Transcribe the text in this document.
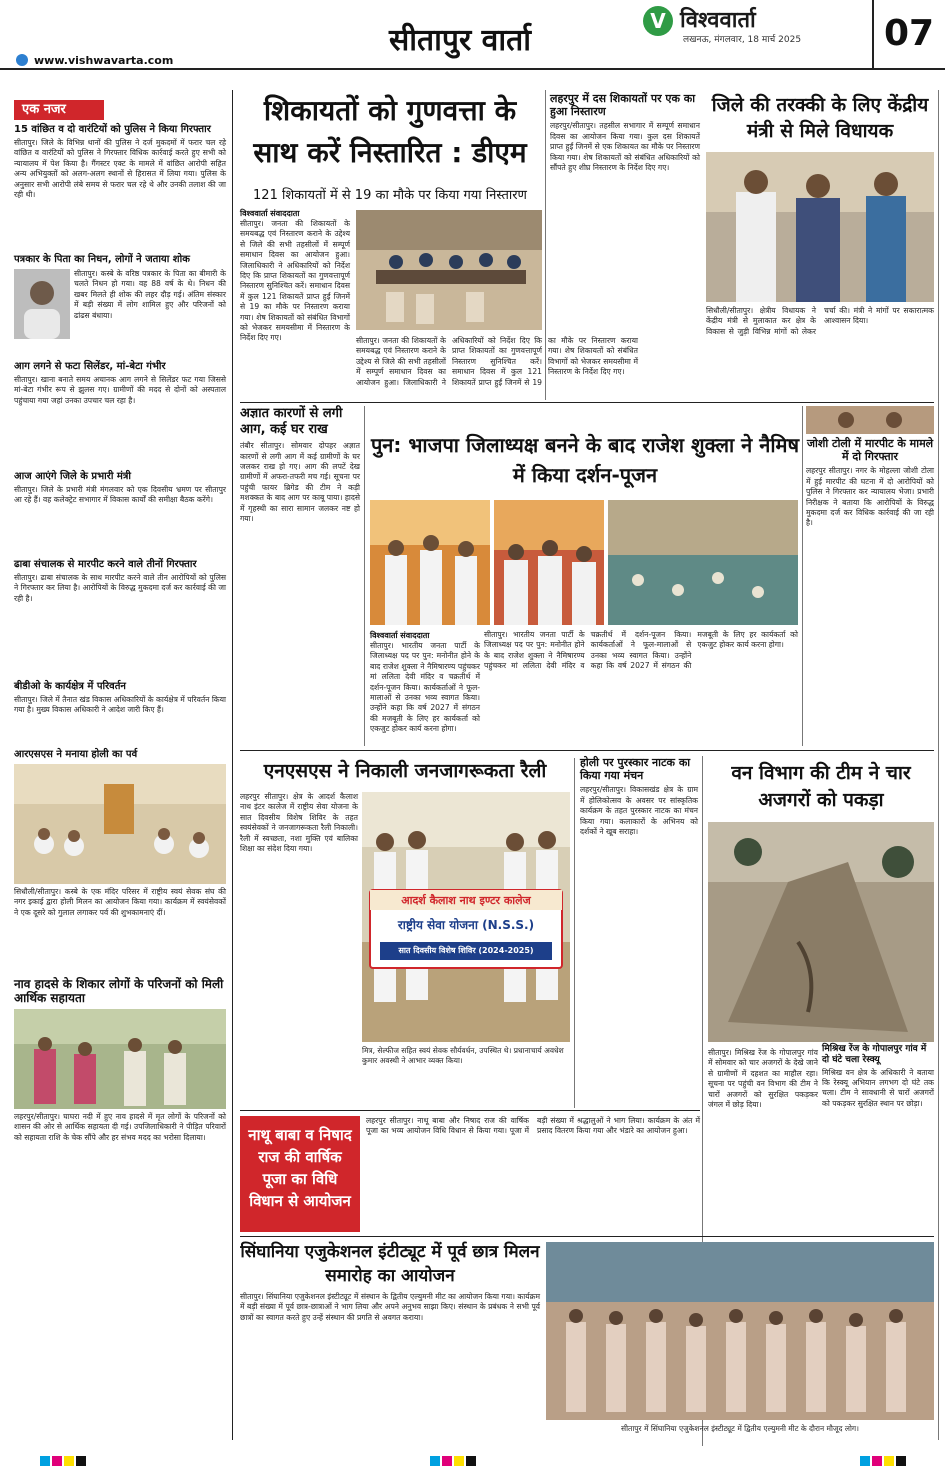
सीतापुर वार्ता
V विश्ववार्ता
लखनऊ, मंगलवार, 18 मार्च 2025	07
www.vishwavarta.com
एक नजर
15 वांछित व दो वारंटियों को पुलिस ने किया गिरफ्तार
सीतापुर। जिले के विभिन्न थानों की पुलिस ने दर्ज मुकदमों में फरार चल रहे वांछित व वारंटियों को पुलिस ने गिरफ्तार विधिक कार्रवाई करते हुए सभी को न्यायालय में पेश किया है। गैंगस्टर एक्ट के मामले में वांछित आरोपी सहित अन्य अभियुक्तों को अलग-अलग स्थानों से हिरासत में लिया गया। पुलिस के अनुसार सभी आरोपी लंबे समय से फरार चल रहे थे और उनकी तलाश की जा रही थी।
पत्रकार के पिता का निधन, लोगों ने जताया शोक
सीतापुर। कस्बे के वरिष्ठ पत्रकार के पिता का बीमारी के चलते निधन हो गया। वह 88 वर्ष के थे। निधन की खबर मिलते ही शोक की लहर दौड़ गई। अंतिम संस्कार में बड़ी संख्या में लोग शामिल हुए और परिजनों को ढांढस बंधाया।
आग लगने से फटा सिलेंडर, मां-बेटा गंभीर
सीतापुर। खाना बनाते समय अचानक आग लगने से सिलेंडर फट गया जिससे मां-बेटा गंभीर रूप से झुलस गए। ग्रामीणों की मदद से दोनों को अस्पताल पहुंचाया गया जहां उनका उपचार चल रहा है।
आज आएंगे जिले के प्रभारी मंत्री
सीतापुर। जिले के प्रभारी मंत्री मंगलवार को एक दिवसीय भ्रमण पर सीतापुर आ रहे हैं। वह कलेक्ट्रेट सभागार में विकास कार्यों की समीक्षा बैठक करेंगे।
ढाबा संचालक से मारपीट करने वाले तीनों गिरफ्तार
सीतापुर। ढाबा संचालक के साथ मारपीट करने वाले तीन आरोपियों को पुलिस ने गिरफ्तार कर लिया है। आरोपियों के विरुद्ध मुकदमा दर्ज कर कार्रवाई की जा रही है।
बीडीओ के कार्यक्षेत्र में परिवर्तन
सीतापुर। जिले में तैनात खंड विकास अधिकारियों के कार्यक्षेत्र में परिवर्तन किया गया है। मुख्य विकास अधिकारी ने आदेश जारी किए हैं।
आरएसएस ने मनाया होली का पर्व
सिधौली/सीतापुर। कस्बे के एक मंदिर परिसर में राष्ट्रीय स्वयं सेवक संघ की नगर इकाई द्वारा होली मिलन का आयोजन किया गया। कार्यक्रम में स्वयंसेवकों ने एक दूसरे को गुलाल लगाकर पर्व की शुभकामनाएं दीं।
नाव हादसे के शिकार लोगों के परिजनों को मिली आर्थिक सहायता
लहरपुर/सीतापुर। घाघरा नदी में हुए नाव हादसे में मृत लोगों के परिजनों को शासन की ओर से आर्थिक सहायता दी गई। उपजिलाधिकारी ने पीड़ित परिवारों को सहायता राशि के चेक सौंपे और हर संभव मदद का भरोसा दिलाया।
शिकायतों को गुणवत्ता के साथ करें निस्तारित : डीएम
121 शिकायतों में से 19 का मौके पर किया गया निस्तारण
विश्ववार्ता संवाददाता
सीतापुर। जनता की शिकायतों के समयबद्ध एवं निस्तारण कराने के उद्देश्य से जिले की सभी तहसीलों में सम्पूर्ण समाधान दिवस का आयोजन हुआ। जिलाधिकारी ने अधिकारियों को निर्देश दिए कि प्राप्त शिकायतों का गुणवत्तापूर्ण निस्तारण सुनिश्चित करें। समाधान दिवस में कुल 121 शिकायतें प्राप्त हुईं जिनमें से 19 का मौके पर निस्तारण कराया गया। शेष शिकायतों को संबंधित विभागों को भेजकर समयसीमा में निस्तारण के निर्देश दिए गए।	सीतापुर। जनता की शिकायतों के समयबद्ध एवं निस्तारण कराने के उद्देश्य से जिले की सभी तहसीलों में सम्पूर्ण समाधान दिवस का आयोजन हुआ। जिलाधिकारी ने अधिकारियों को निर्देश दिए कि प्राप्त शिकायतों का गुणवत्तापूर्ण निस्तारण सुनिश्चित करें। समाधान दिवस में कुल 121 शिकायतें प्राप्त हुईं जिनमें से 19 का मौके पर निस्तारण कराया गया। शेष शिकायतों को संबंधित विभागों को भेजकर समयसीमा में निस्तारण के निर्देश दिए गए।
लहरपुर में दस शिकायतों पर एक का हुआ निस्तारण
लहरपुर/सीतापुर। तहसील सभागार में सम्पूर्ण समाधान दिवस का आयोजन किया गया। कुल दस शिकायतें प्राप्त हुईं जिनमें से एक शिकायत का मौके पर निस्तारण किया गया। शेष शिकायतों को संबंधित अधिकारियों को सौंपते हुए शीघ्र निस्तारण के निर्देश दिए गए।
जिले की तरक्की के लिए केंद्रीय मंत्री से मिले विधायक
सिधौली/सीतापुर। क्षेत्रीय विधायक ने केंद्रीय मंत्री से मुलाकात कर क्षेत्र के विकास से जुड़ी विभिन्न मांगों को लेकर चर्चा की। मंत्री ने मांगों पर सकारात्मक आश्वासन दिया।
अज्ञात कारणों से लगी आग, कई घर राख
तंबौर सीतापुर। सोमवार दोपहर अज्ञात कारणों से लगी आग में कई ग्रामीणों के घर जलकर राख हो गए। आग की लपटें देख ग्रामीणों में अफरा-तफरी मच गई। सूचना पर पहुंची फायर ब्रिगेड की टीम ने कड़ी मशक्कत के बाद आग पर काबू पाया। हादसे में गृहस्थी का सारा सामान जलकर नष्ट हो गया।
पुन: भाजपा जिलाध्यक्ष बनने के बाद राजेश शुक्ला ने नैमिष में किया दर्शन-पूजन
विश्ववार्ता संवाददाता
सीतापुर। भारतीय जनता पार्टी के जिलाध्यक्ष पद पर पुन: मनोनीत होने के बाद राजेश शुक्ला ने नैमिषारण्य पहुंचकर मां ललिता देवी मंदिर व चक्रतीर्थ में दर्शन-पूजन किया। कार्यकर्ताओं ने फूल-मालाओं से उनका भव्य स्वागत किया। उन्होंने कहा कि वर्ष 2027 में संगठन की मजबूती के लिए हर कार्यकर्ता को एकजुट होकर कार्य करना होगा।
सीतापुर। भारतीय जनता पार्टी के जिलाध्यक्ष पद पर पुन: मनोनीत होने के बाद राजेश शुक्ला ने नैमिषारण्य पहुंचकर मां ललिता देवी मंदिर व चक्रतीर्थ में दर्शन-पूजन किया। कार्यकर्ताओं ने फूल-मालाओं से उनका भव्य स्वागत किया। उन्होंने कहा कि वर्ष 2027 में संगठन की मजबूती के लिए हर कार्यकर्ता को एकजुट होकर कार्य करना होगा।
जोशी टोली में मारपीट के मामले में दो गिरफ्तार
लहरपुर सीतापुर। नगर के मोहल्ला जोशी टोला में हुई मारपीट की घटना में दो आरोपियों को पुलिस ने गिरफ्तार कर न्यायालय भेजा। प्रभारी निरीक्षक ने बताया कि आरोपियों के विरुद्ध मुकदमा दर्ज कर विधिक कार्रवाई की जा रही है।
एनएसएस ने निकाली जनजागरूकता रैली
लहरपुर सीतापुर। क्षेत्र के आदर्श कैलाश नाथ इंटर कालेज में राष्ट्रीय सेवा योजना के सात दिवसीय विशेष शिविर के तहत स्वयंसेवकों ने जनजागरूकता रैली निकाली। रैली में स्वच्छता, नशा मुक्ति एवं बालिका शिक्षा का संदेश दिया गया।
आदर्श कैलाश नाथ इण्टर कालेज
राष्ट्रीय सेवा योजना (N.S.S.)
सात दिवसीय विशेष शिविर (2024-2025)
मित्र, सेल्फीज सहित स्वयं सेवक सौर्यवर्धन, उपस्थित थे। प्रधानाचार्य अवधेश कुमार अवस्थी ने आभार व्यक्त किया।
होली पर पुरस्कार नाटक का किया गया मंचन
लहरपुर/सीतापुर। विकासखंड क्षेत्र के ग्राम में होलिकोत्सव के अवसर पर सांस्कृतिक कार्यक्रम के तहत पुरस्कार नाटक का मंचन किया गया। कलाकारों के अभिनय को दर्शकों ने खूब सराहा।
वन विभाग की टीम ने चार अजगरों को पकड़ा
सीतापुर। मिश्रिख रेंज के गोपालपुर गांव में सोमवार को चार अजगरों के देखे जाने से ग्रामीणों में दहशत का माहौल रहा। सूचना पर पहुंची वन विभाग की टीम ने चारों अजगरों को सुरक्षित पकड़कर जंगल में छोड़ दिया।
मिश्रिख रेंज के गोपालपुर गांव में दो घंटे चला रेस्क्यू
मिश्रिख वन क्षेत्र के अधिकारी ने बताया कि रेस्क्यू अभियान लगभग दो घंटे तक चला। टीम ने सावधानी से चारों अजगरों को पकड़कर सुरक्षित स्थान पर छोड़ा।
नाथू बाबा व निषाद राज की वार्षिक पूजा का विधि विधान से आयोजन
लहरपुर सीतापुर। नाथू बाबा और निषाद राज की वार्षिक पूजा का भव्य आयोजन विधि विधान से किया गया। पूजा में बड़ी संख्या में श्रद्धालुओं ने भाग लिया। कार्यक्रम के अंत में प्रसाद वितरण किया गया और भंडारे का आयोजन हुआ।
सिंघानिया एजुकेशनल इंटीट्यूट में पूर्व छात्र मिलन समारोह का आयोजन
सीतापुर। सिंघानिया एजुकेशनल इंस्टीट्यूट में संस्थान के द्वितीय एल्युमनी मीट का आयोजन किया गया। कार्यक्रम में बड़ी संख्या में पूर्व छात्र-छात्राओं ने भाग लिया और अपने अनुभव साझा किए। संस्थान के प्रबंधक ने सभी पूर्व छात्रों का स्वागत करते हुए उन्हें संस्थान की प्रगति से अवगत कराया।
सीतापुर में सिंघानिया एजुकेशनल इंस्टीट्यूट में द्वितीय एल्युमनी मीट के दौरान मौजूद लोग।
